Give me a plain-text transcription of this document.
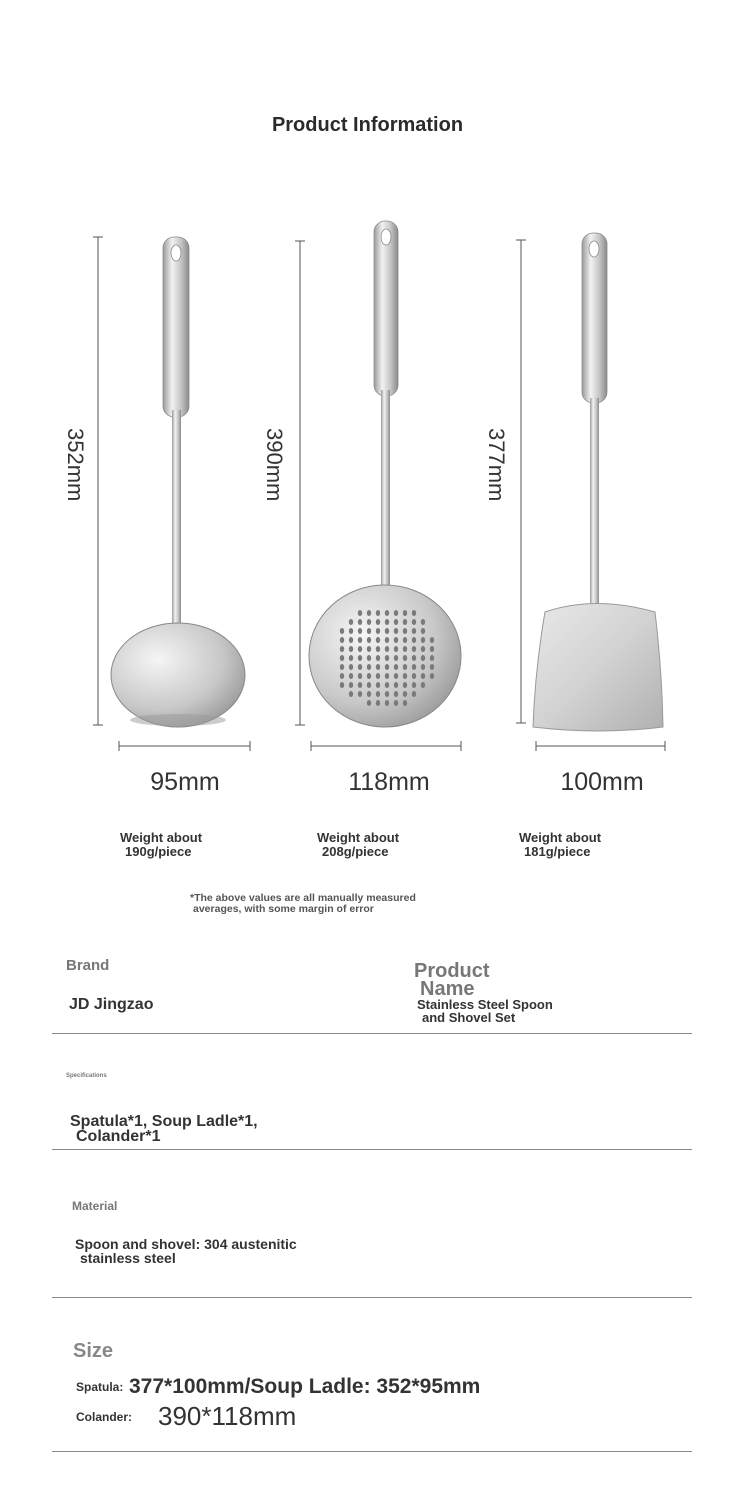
Product Information
352mm	390mm	377mm
95mm	118mm	100mm
Weight about
190g/piece
Weight about
208g/piece
Weight about
181g/piece
*The above values are all manually measured
averages, with some margin of error
Brand
JD Jingzao
Product
Name
Stainless Steel Spoon
and Shovel Set
Specifications
Spatula*1, Soup Ladle*1,
Colander*1
Material
Spoon and shovel: 304 austenitic
stainless steel
Size
Spatula: 377*100mm/Soup Ladle: 352*95mm
Colander: 390*118mm
